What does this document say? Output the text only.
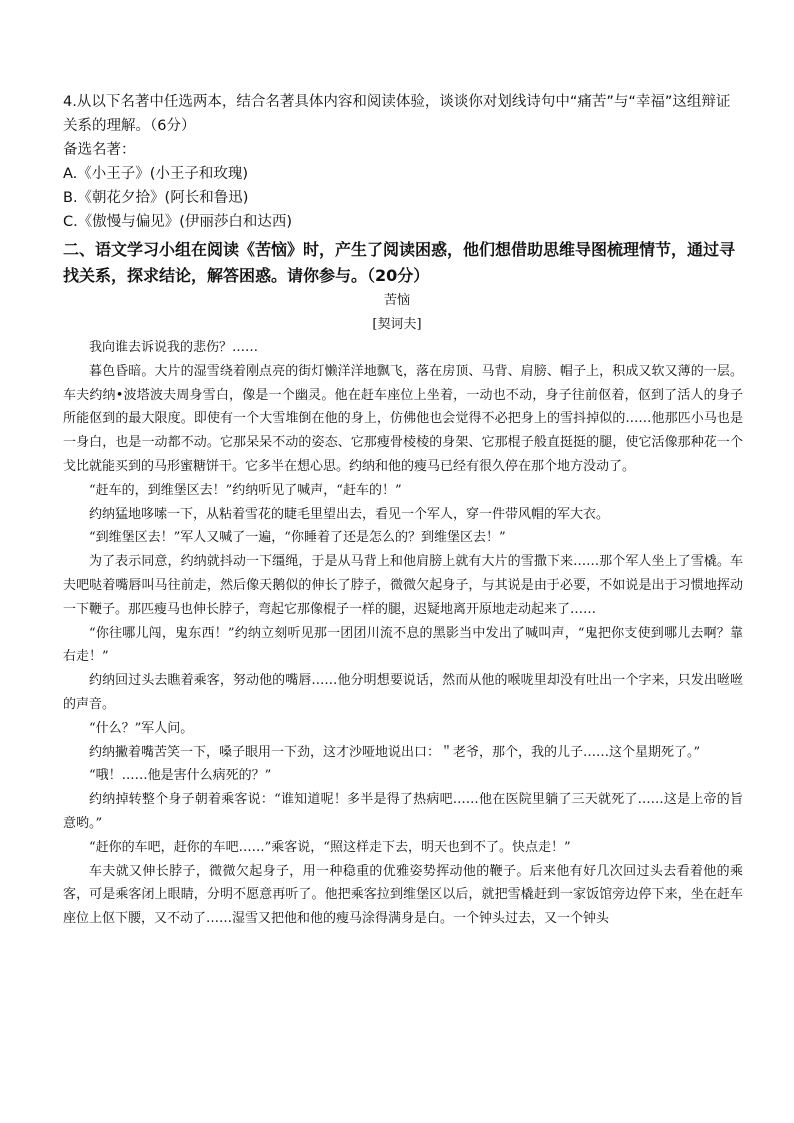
4.从以下名著中任选两本，结合名著具体内容和阅读体验，谈谈你对划线诗句中“痛苦”与“幸福”这组辩证关系的理解。（6分）

备选名著：

A.《小王子》(小王子和玫瑰)

B.《朝花夕拾》(阿长和鲁迅)

C.《傲慢与偏见》(伊丽莎白和达西)

二、语文学习小组在阅读《苦恼》时，产生了阅读困惑，他们想借助思维导图梳理情节，通过寻找关系，探求结论，解答困惑。请你参与。（20分）

苦恼
[契诃夫]

我向谁去诉说我的悲伤？……

暮色昏暗。大片的湿雪绕着刚点亮的街灯懒洋洋地飘飞，落在房顶、马背、肩膀、帽子上，积成又软又薄的一层。车夫约纳•波塔波夫周身雪白，像是一个幽灵。他在赶车座位上坐着，一动也不动，身子往前伛着，伛到了活人的身子所能伛到的最大限度。即使有一个大雪堆倒在他的身上，仿佛他也会觉得不必把身上的雪抖掉似的……他那匹小马也是一身白，也是一动都不动。它那呆呆不动的姿态、它那瘦骨棱棱的身架、它那棍子般直挺挺的腿，使它活像那种花一个戈比就能买到的马形蜜糖饼干。它多半在想心思。约纳和他的瘦马已经有很久停在那个地方没动了。

“赶车的，到维堡区去！”约纳听见了喊声，“赶车的！”

约纳猛地哆嗦一下，从粘着雪花的睫毛里望出去，看见一个军人，穿一件带风帽的军大衣。

“到维堡区去！”军人又喊了一遍，“你睡着了还是怎么的？到维堡区去！”

为了表示同意，约纳就抖动一下缰绳，于是从马背上和他肩膀上就有大片的雪撒下来……那个军人坐上了雪橇。车夫吧哒着嘴唇叫马往前走，然后像天鹅似的伸长了脖子，微微欠起身子，与其说是由于必要，不如说是出于习惯地挥动一下鞭子。那匹瘦马也伸长脖子，弯起它那像棍子一样的腿，迟疑地离开原地走动起来了……

“你往哪儿闯，鬼东西！”约纳立刻听见那一团团川流不息的黑影当中发出了喊叫声，“鬼把你支使到哪儿去啊？靠右走！”

约纳回过头去瞧着乘客，努动他的嘴唇……他分明想要说话，然而从他的喉咙里却没有吐出一个字来，只发出咝咝的声音。

“什么？”军人问。

约纳撇着嘴苦笑一下，嗓子眼用一下劲，这才沙哑地说出口：＂老爷，那个，我的儿子……这个星期死了。”

“哦！……他是害什么病死的？”

约纳掉转整个身子朝着乘客说：“谁知道呢！多半是得了热病吧……他在医院里躺了三天就死了……这是上帝的旨意哟。”

“赶你的车吧，赶你的车吧……”乘客说，“照这样走下去，明天也到不了。快点走！”

车夫就又伸长脖子，微微欠起身子，用一种稳重的优雅姿势挥动他的鞭子。后来他有好几次回过头去看着他的乘客，可是乘客闭上眼睛，分明不愿意再听了。他把乘客拉到维堡区以后，就把雪橇赶到一家饭馆旁边停下来，坐在赶车座位上伛下腰，又不动了……湿雪又把他和他的瘦马涂得满身是白。一个钟头过去，又一个钟头
